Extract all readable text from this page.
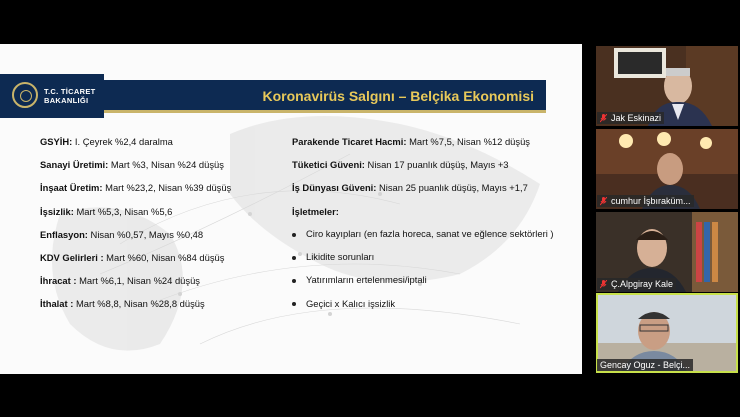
T.C. TİCARET
BAKANLIĞI	Koronavirüs Salgını – Belçika Ekonomisi
GSYİH: I. Çeyrek %2,4 daralma
Sanayi Üretimi: Mart %3, Nisan %24 düşüş
İnşaat Üretim: Mart %23,2, Nisan %39 düşüş
İşsizlik: Mart %5,3, Nisan %5,6
Enflasyon: Nisan %0,57, Mayıs %0,48
KDV Gelirleri : Mart %60, Nisan %84 düşüş
İhracat : Mart %6,1, Nisan %24 düşüş
İthalat : Mart %8,8, Nisan %28,8 düşüş
Parakende Ticaret Hacmi: Mart %7,5, Nisan %12 düşüş
Tüketici Güveni: Nisan 17 puanlık düşüş, Mayıs +3
İş Dünyası Güveni: Nisan 25 puanlık düşüş, Mayıs +1,7
İşletmeler:
Ciro kayıpları (en fazla horeca, sanat ve eğlence sektörleri )
Likidite sorunları
Yatırımların ertelenmesi/iptali
Geçici x Kalıcı işsizlik
Jak Eskinazi
cumhur İşbıraküm...
Ç.Alpgiray Kale
Gencay Oguz - Belçi...
